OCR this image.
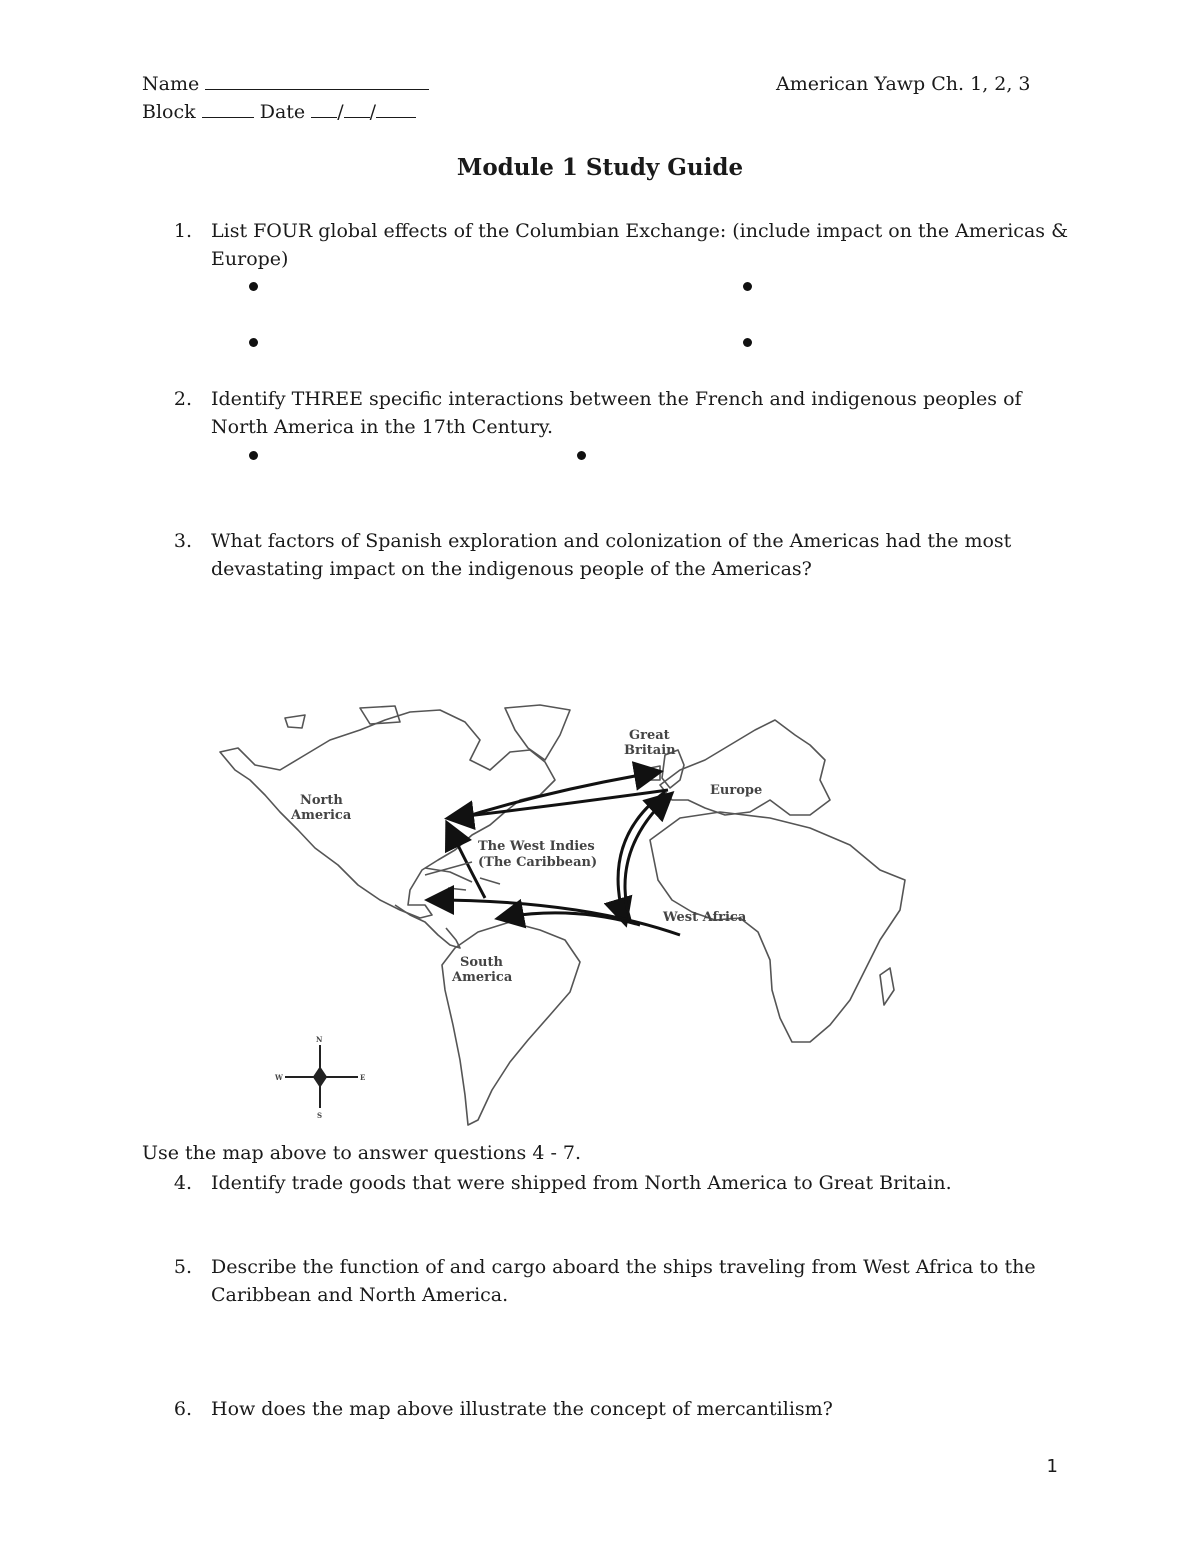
Name
Block	Date / /
American Yawp Ch. 1, 2, 3
Module 1 Study Guide
1. List FOUR global effects of the Columbian Exchange: (include impact on the Americas &
Europe)
2. Identify THREE specific interactions between the French and indigenous peoples of
North America in the 17th Century.
3. What factors of Spanish exploration and colonization of the Americas had the most
devastating impact on the indigenous people of the Americas?
Great
Britain
Europe
North
America
The West Indies
(The Caribbean)
West Africa
South
America
N
S
E
W
Use the map above to answer questions 4 - 7.
4. Identify trade goods that were shipped from North America to Great Britain.
5. Describe the function of and cargo aboard the ships traveling from West Africa to the
Caribbean and North America.
6. How does the map above illustrate the concept of mercantilism?
1
